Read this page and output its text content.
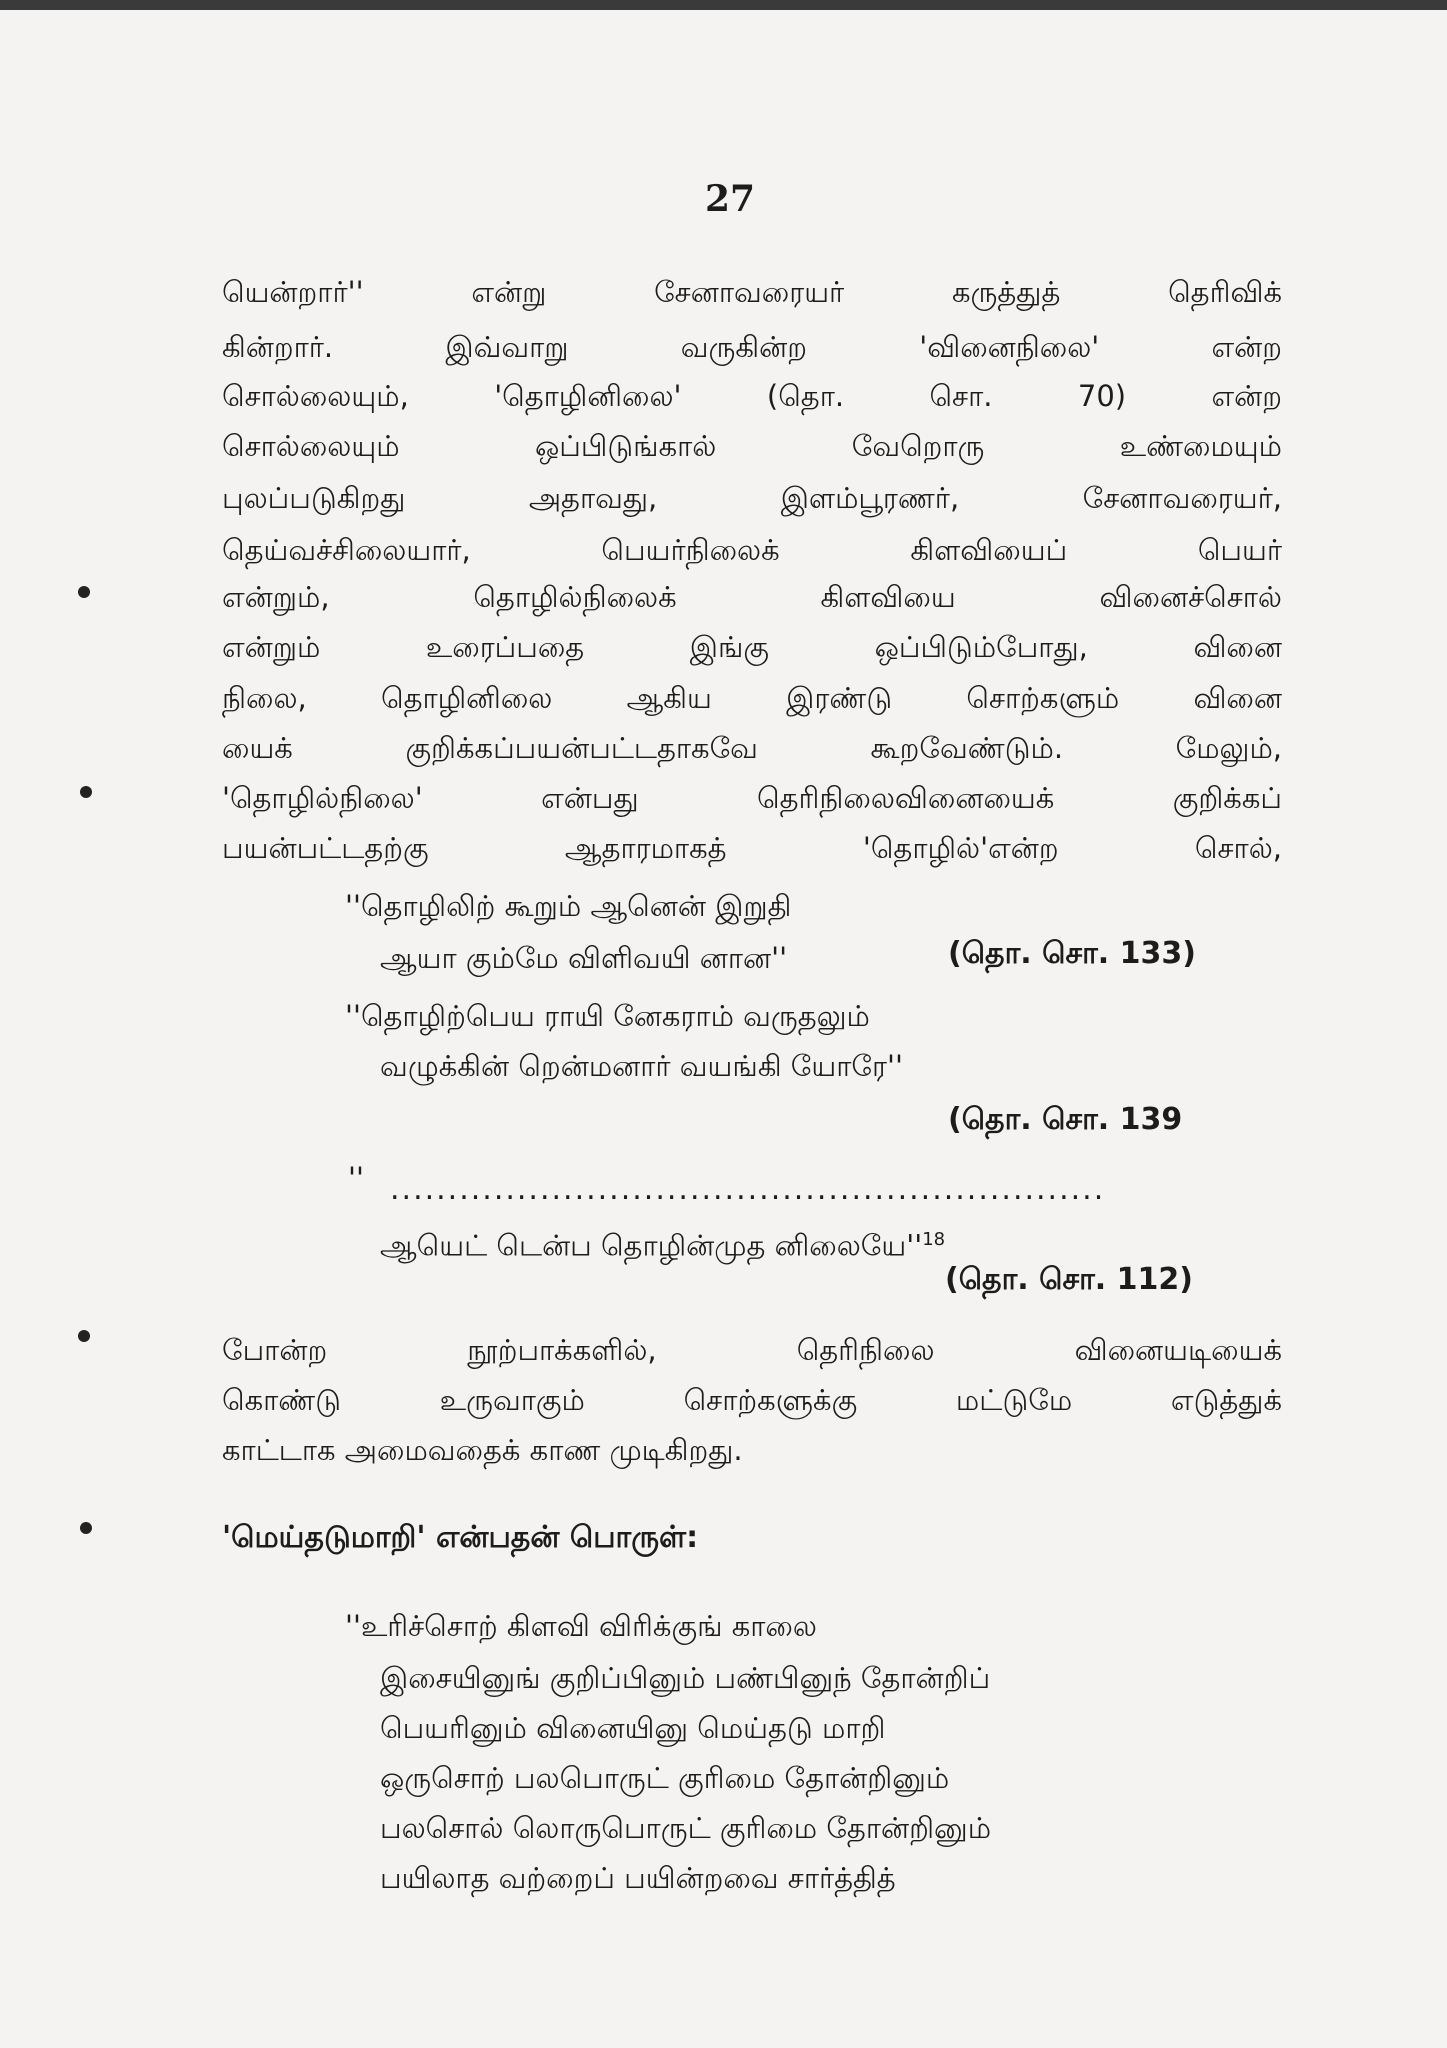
27
யென்றார்'' என்று சேனாவரையர் கருத்துத் தெரிவிக்
கின்றார். இவ்வாறு வருகின்ற 'வினைநிலை' என்ற
சொல்லையும், 'தொழினிலை' (தொ. சொ. 70) என்ற
சொல்லையும் ஒப்பிடுங்கால் வேறொரு உண்மையும்
புலப்படுகிறது அதாவது, இளம்பூரணர், சேனாவரையர்,
தெய்வச்சிலையார், பெயர்நிலைக் கிளவியைப் பெயர்
என்றும், தொழில்நிலைக் கிளவியை வினைச்சொல்
என்றும் உரைப்பதை இங்கு ஒப்பிடும்போது, வினை
நிலை, தொழினிலை ஆகிய இரண்டு சொற்களும் வினை
யைக் குறிக்கப்பயன்பட்டதாகவே கூறவேண்டும். மேலும்,
'தொழில்நிலை' என்பது தெரிநிலைவினையைக் குறிக்கப்
பயன்பட்டதற்கு ஆதாரமாகத் 'தொழில்'என்ற சொல்,
''தொழிலிற் கூறும் ஆனென் இறுதி
ஆயா கும்மே விளிவயி னான''	(தொ. சொ. 133)
''தொழிற்பெய ராயி னேகராம் வருதலும்
வழுக்கின் றென்மனார் வயங்கி யோரே''
(தொ. சொ. 139
'' ..............................................................
ஆயெட் டென்ப தொழின்முத $னிலையே''^{18}$
(தொ. சொ. 112)
போன்ற நூற்பாக்களில், தெரிநிலை வினையடியைக்
கொண்டு உருவாகும் சொற்களுக்கு மட்டுமே எடுத்துக்
காட்டாக அமைவதைக் காண முடிகிறது.
'மெய்தடுமாறி' என்பதன் பொருள்:
''உரிச்சொற் கிளவி விரிக்குங் காலை
இசையினுங் குறிப்பினும் பண்பினுந் தோன்றிப்
பெயரினும் வினையினு மெய்தடு மாறி
ஒருசொற் பலபொருட் குரிமை தோன்றினும்
பலசொல் லொருபொருட் குரிமை தோன்றினும்
பயிலாத வற்றைப் பயின்றவை சார்த்தித்
